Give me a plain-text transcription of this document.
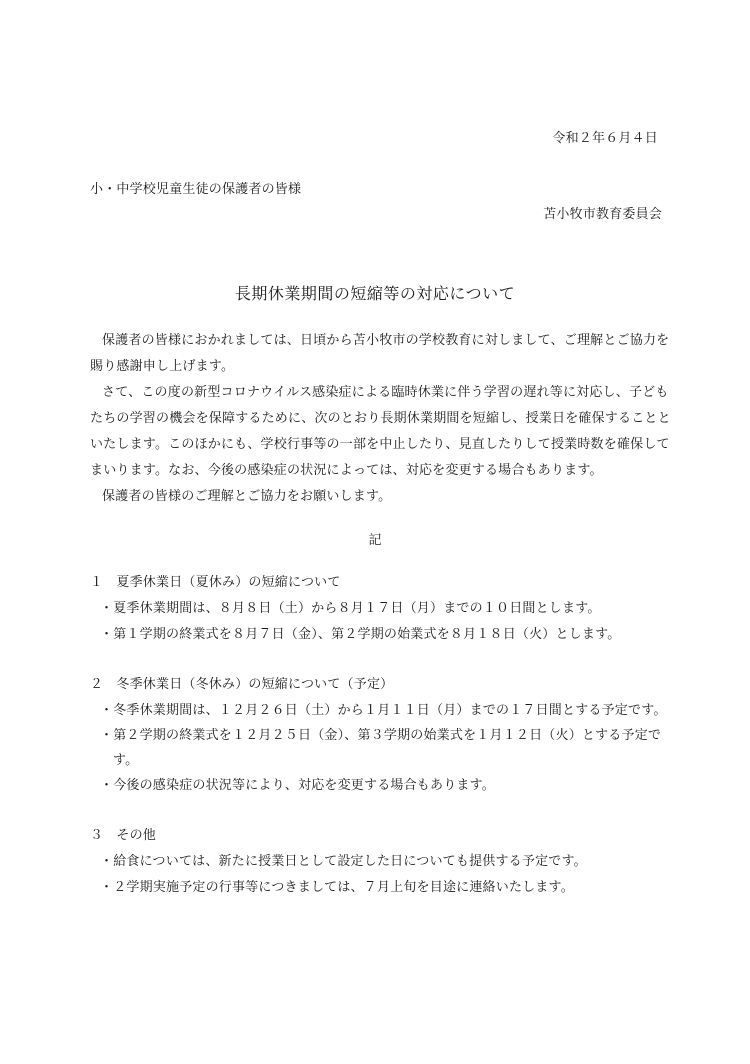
令和２年６月４日
小・中学校児童生徒の保護者の皆様
苫小牧市教育委員会
長期休業期間の短縮等の対応について
保護者の皆様におかれましては、日頃から苫小牧市の学校教育に対しまして、ご理解とご協力を
賜り感謝申し上げます。
さて、この度の新型コロナウイルス感染症による臨時休業に伴う学習の遅れ等に対応し、子ども
たちの学習の機会を保障するために、次のとおり長期休業期間を短縮し、授業日を確保することと
いたします。このほかにも、学校行事等の一部を中止したり、見直したりして授業時数を確保して
まいります。なお、今後の感染症の状況によっては、対応を変更する場合もあります。
保護者の皆様のご理解とご協力をお願いします。
記
１　夏季休業日（夏休み）の短縮について
・夏季休業期間は、８月８日（土）から８月１７日（月）までの１０日間とします。
・第１学期の終業式を８月７日（金）、第２学期の始業式を８月１８日（火）とします。
２　冬季休業日（冬休み）の短縮について（予定）
・冬季休業期間は、１２月２６日（土）から１月１１日（月）までの１７日間とする予定です。
・第２学期の終業式を１２月２５日（金）、第３学期の始業式を１月１２日（火）とする予定で
す。
・今後の感染症の状況等により、対応を変更する場合もあります。
３　その他
・給食については、新たに授業日として設定した日についても提供する予定です。
・２学期実施予定の行事等につきましては、７月上旬を目途に連絡いたします。
